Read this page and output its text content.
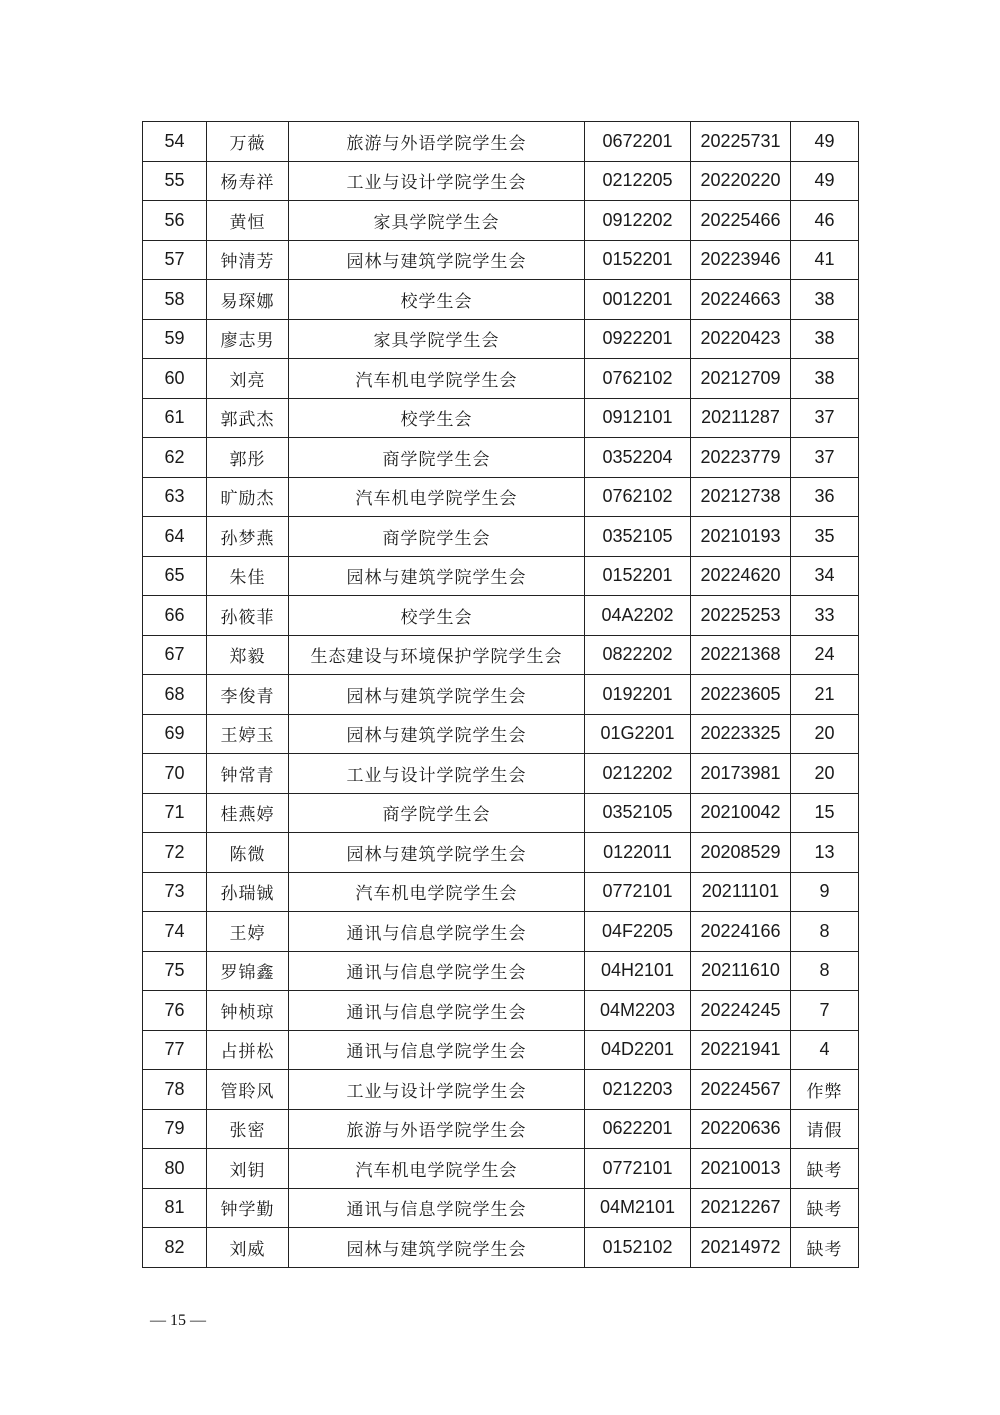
54	万薇	旅游与外语学院学生会	0672201	20225731	49
55	杨寿祥	工业与设计学院学生会	0212205	20220220	49
56	黄恒	家具学院学生会	0912202	20225466	46
57	钟清芳	园林与建筑学院学生会	0152201	20223946	41
58	易琛娜	校学生会	0012201	20224663	38
59	廖志男	家具学院学生会	0922201	20220423	38
60	刘亮	汽车机电学院学生会	0762102	20212709	38
61	郭武杰	校学生会	0912101	20211287	37
62	郭彤	商学院学生会	0352204	20223779	37
63	旷励杰	汽车机电学院学生会	0762102	20212738	36
64	孙梦燕	商学院学生会	0352105	20210193	35
65	朱佳	园林与建筑学院学生会	0152201	20224620	34
66	孙筱菲	校学生会	04A2202	20225253	33
67	郑毅	生态建设与环境保护学院学生会	0822202	20221368	24
68	李俊青	园林与建筑学院学生会	0192201	20223605	21
69	王婷玉	园林与建筑学院学生会	01G2201	20223325	20
70	钟常青	工业与设计学院学生会	0212202	20173981	20
71	桂燕婷	商学院学生会	0352105	20210042	15
72	陈微	园林与建筑学院学生会	0122011	20208529	13
73	孙瑞铖	汽车机电学院学生会	0772101	20211101	9
74	王婷	通讯与信息学院学生会	04F2205	20224166	8
75	罗锦鑫	通讯与信息学院学生会	04H2101	20211610	8
76	钟桢琼	通讯与信息学院学生会	04M2203	20224245	7
77	占拼松	通讯与信息学院学生会	04D2201	20221941	4
78	管聆风	工业与设计学院学生会	0212203	20224567	作弊
79	张密	旅游与外语学院学生会	0622201	20220636	请假
80	刘钥	汽车机电学院学生会	0772101	20210013	缺考
81	钟学勤	通讯与信息学院学生会	04M2101	20212267	缺考
82	刘威	园林与建筑学院学生会	0152102	20214972	缺考
— 15 —
